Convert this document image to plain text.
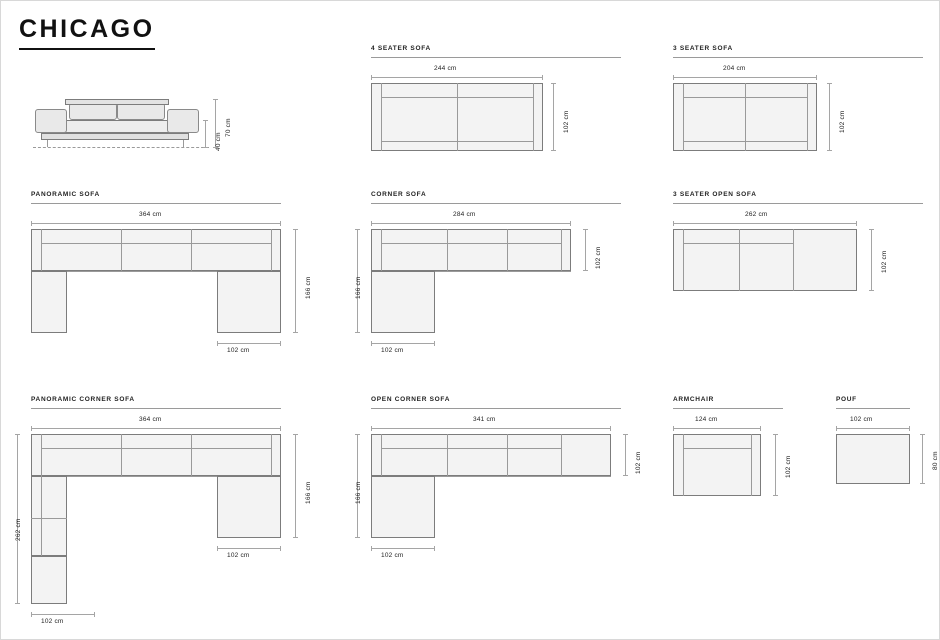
CHICAGO
70 cm
40 cm
4 SEATER SOFA
244 cm
102 cm
3 SEATER SOFA
204 cm
102 cm
PANORAMIC SOFA
364 cm
166 cm
102 cm
CORNER SOFA
284 cm
166 cm
102 cm
102 cm
3 SEATER OPEN SOFA
262 cm
102 cm
PANORAMIC CORNER SOFA
364 cm
166 cm
262 cm
102 cm
102 cm
OPEN CORNER SOFA
341 cm
166 cm
102 cm
102 cm
ARMCHAIR
124 cm
102 cm
POUF
102 cm
80 cm
